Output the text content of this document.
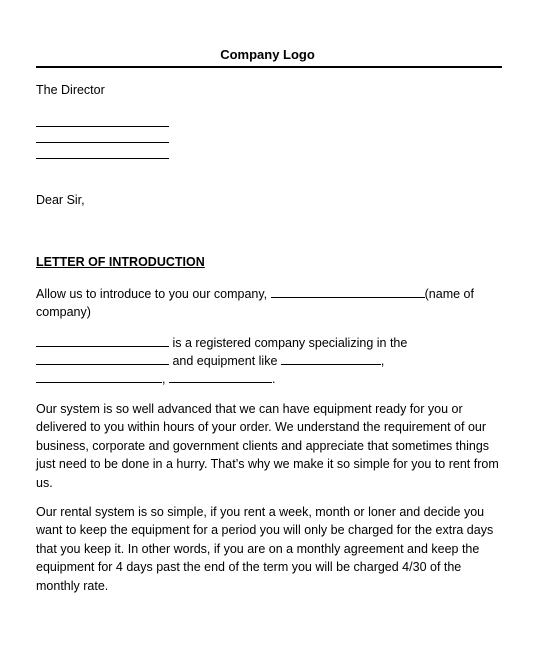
Company Logo
The Director
Dear Sir,
LETTER OF INTRODUCTION
Allow us to introduce to you our company,	(name of
company)
is a registered company specializing in the
and equipment like	,
,	.
Our system is so well advanced that we can have equipment ready for you or delivered to you within hours of your order. We understand the requirement of our business, corporate and government clients and appreciate that sometimes things just need to be done in a hurry. That’s why we make it so simple for you to rent from us.
Our rental system is so simple, if you rent a week, month or loner and decide you want to keep the equipment for a period you will only be charged for the extra days that you keep it. In other words, if you are on a monthly agreement and keep the equipment for 4 days past the end of the term you will be charged 4/30 of the monthly rate.
